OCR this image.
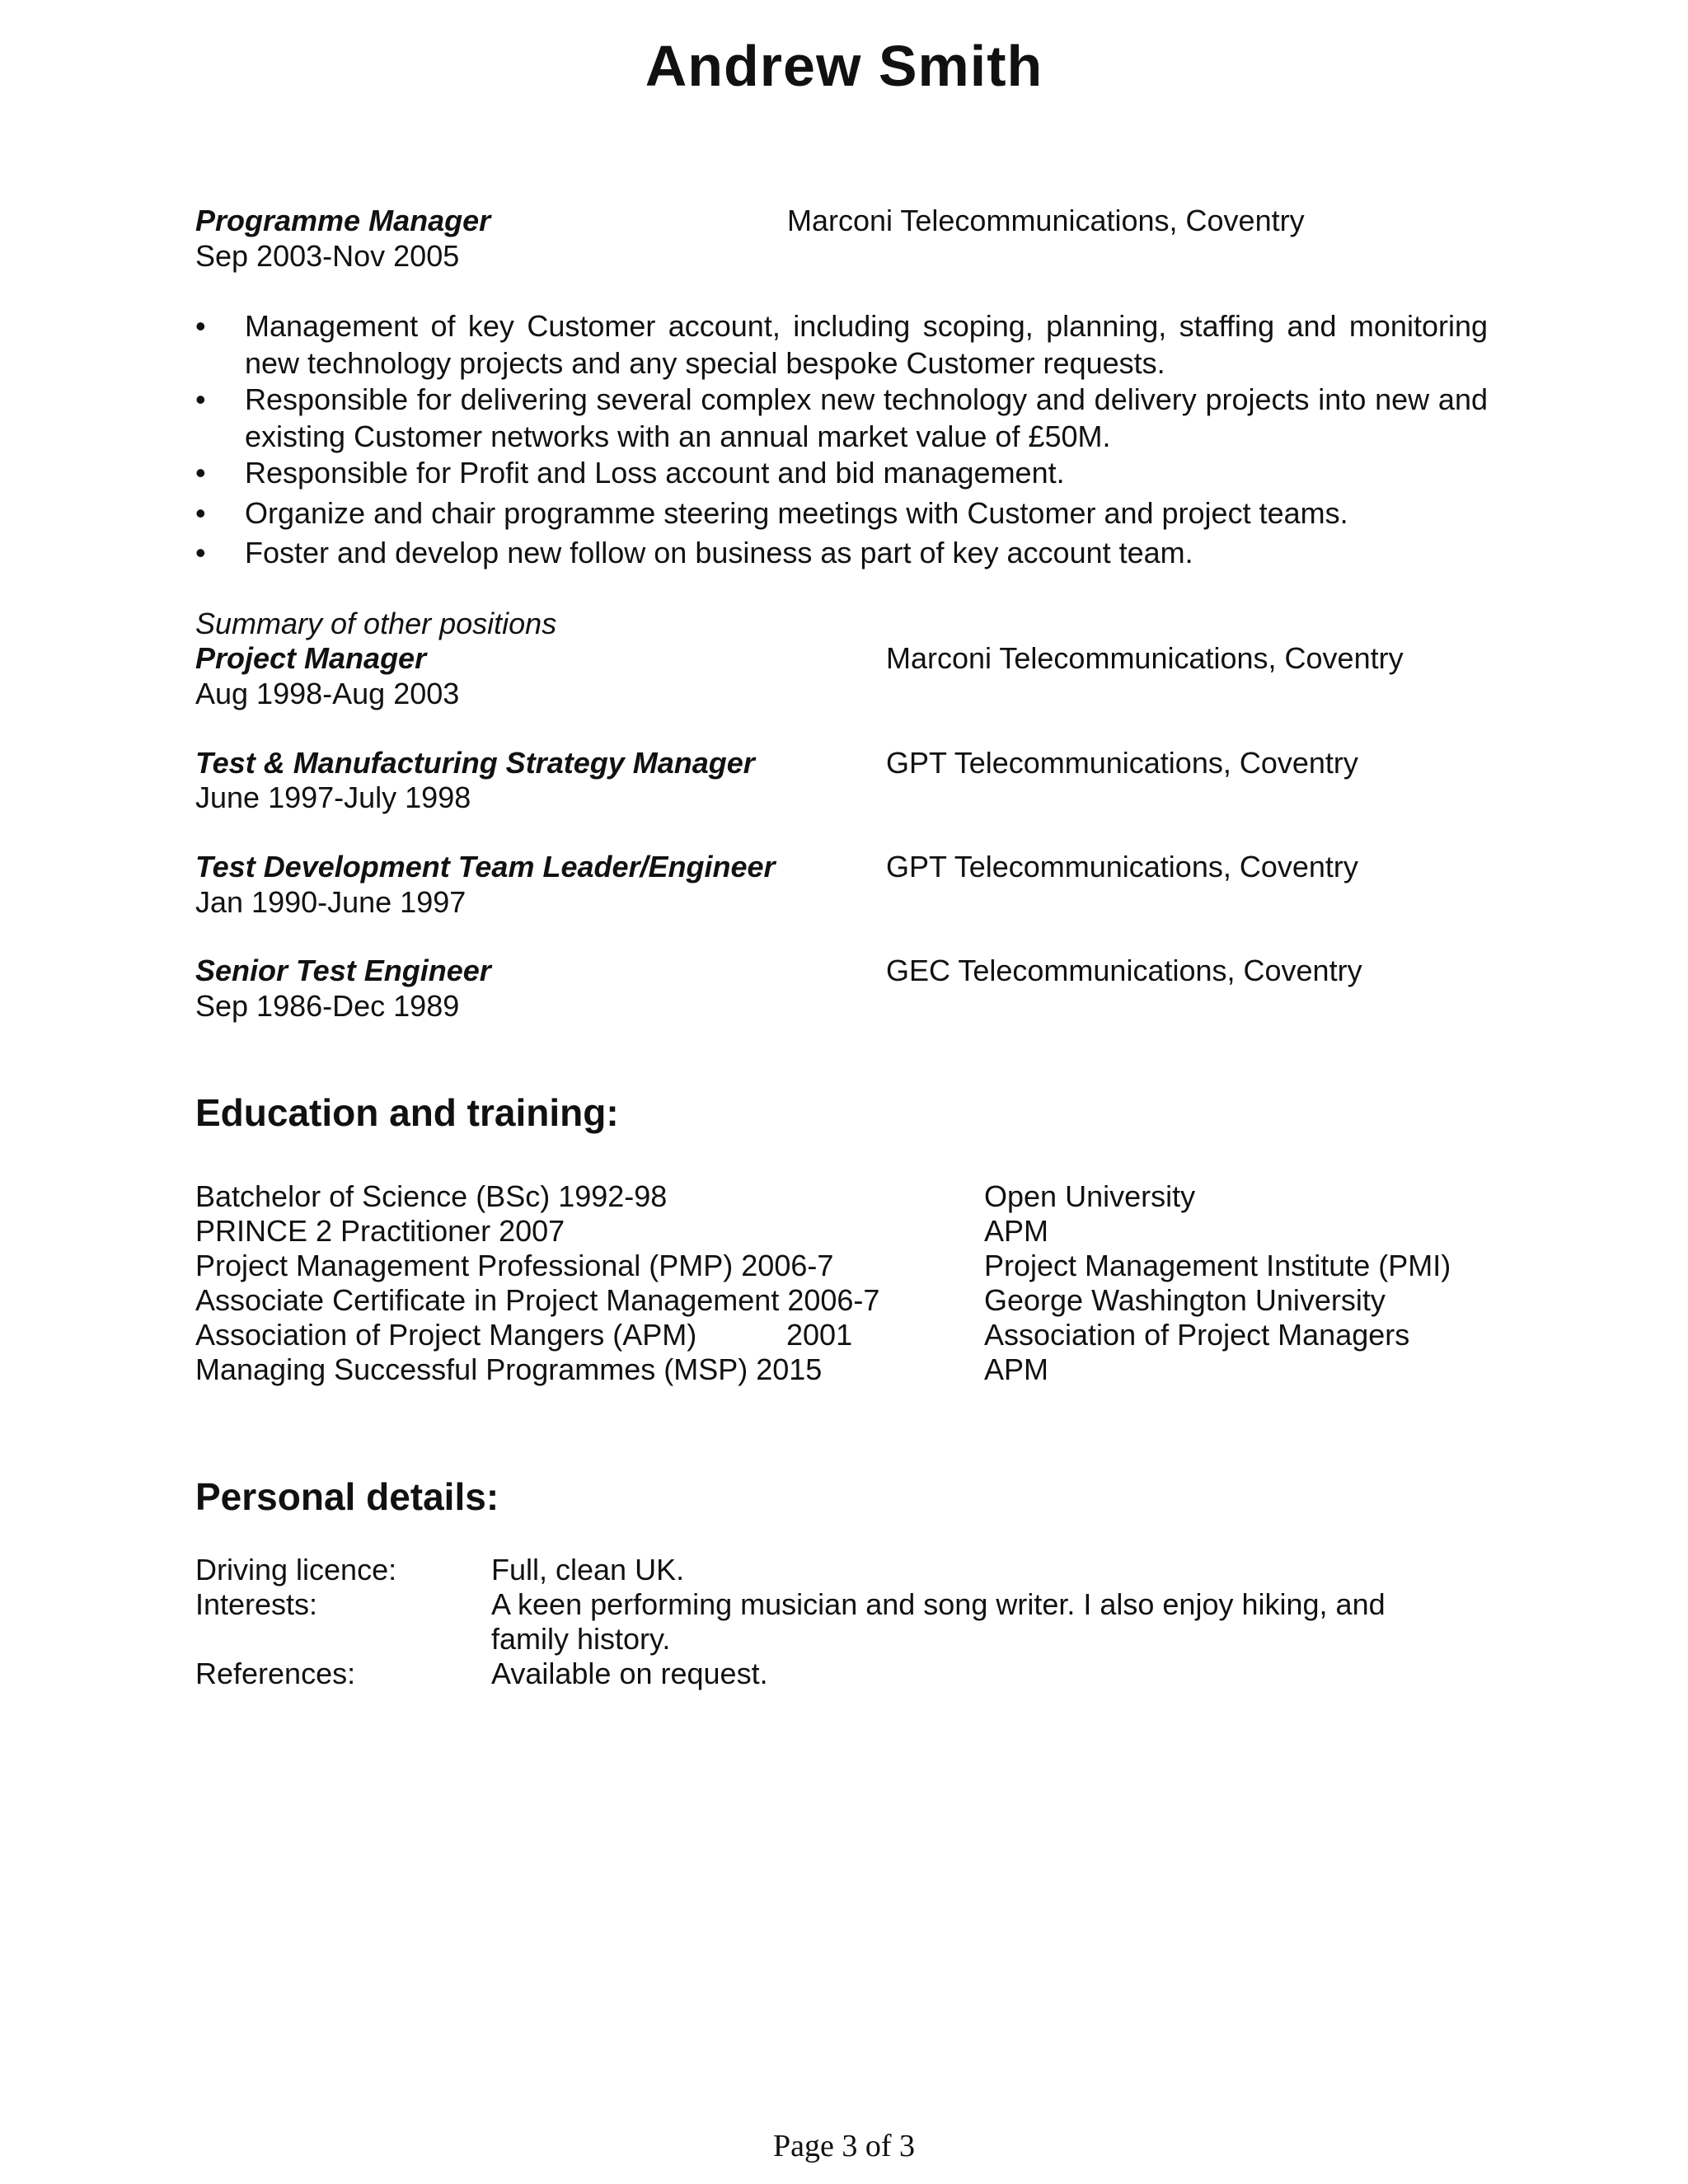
Andrew Smith
Programme Manager	Marconi Telecommunications, Coventry
Sep 2003-Nov 2005
•	Management of key Customer account, including scoping, planning, staffing and monitoring new technology projects and any special bespoke Customer requests.
•	Responsible for delivering several complex new technology and delivery projects into new and existing Customer networks with an annual market value of £50M.
•	Responsible for Profit and Loss account and bid management.
•	Organize and chair programme steering meetings with Customer and project teams.
•	Foster and develop new follow on business as part of key account team.
Summary of other positions
Project Manager	Marconi Telecommunications, Coventry
Aug 1998-Aug 2003
Test & Manufacturing Strategy Manager	GPT Telecommunications, Coventry
June 1997-July 1998
Test Development Team Leader/Engineer	GPT Telecommunications, Coventry
Jan 1990-June 1997
Senior Test Engineer	GEC Telecommunications, Coventry
Sep 1986-Dec 1989
Education and training:
Batchelor of Science (BSc) 1992-98	Open University
PRINCE 2 Practitioner 2007	APM
Project Management Professional (PMP) 2006-7	Project Management Institute (PMI)
Associate Certificate in Project Management 2006-7	George Washington University
Association of Project Mangers (APM)	2001	Association of Project Managers
Managing Successful Programmes (MSP) 2015	APM
Personal details:
Driving licence:	Full, clean UK.
Interests:	A keen performing musician and song writer. I also enjoy hiking, and family history.
References:	Available on request.
Page 3 of 3
